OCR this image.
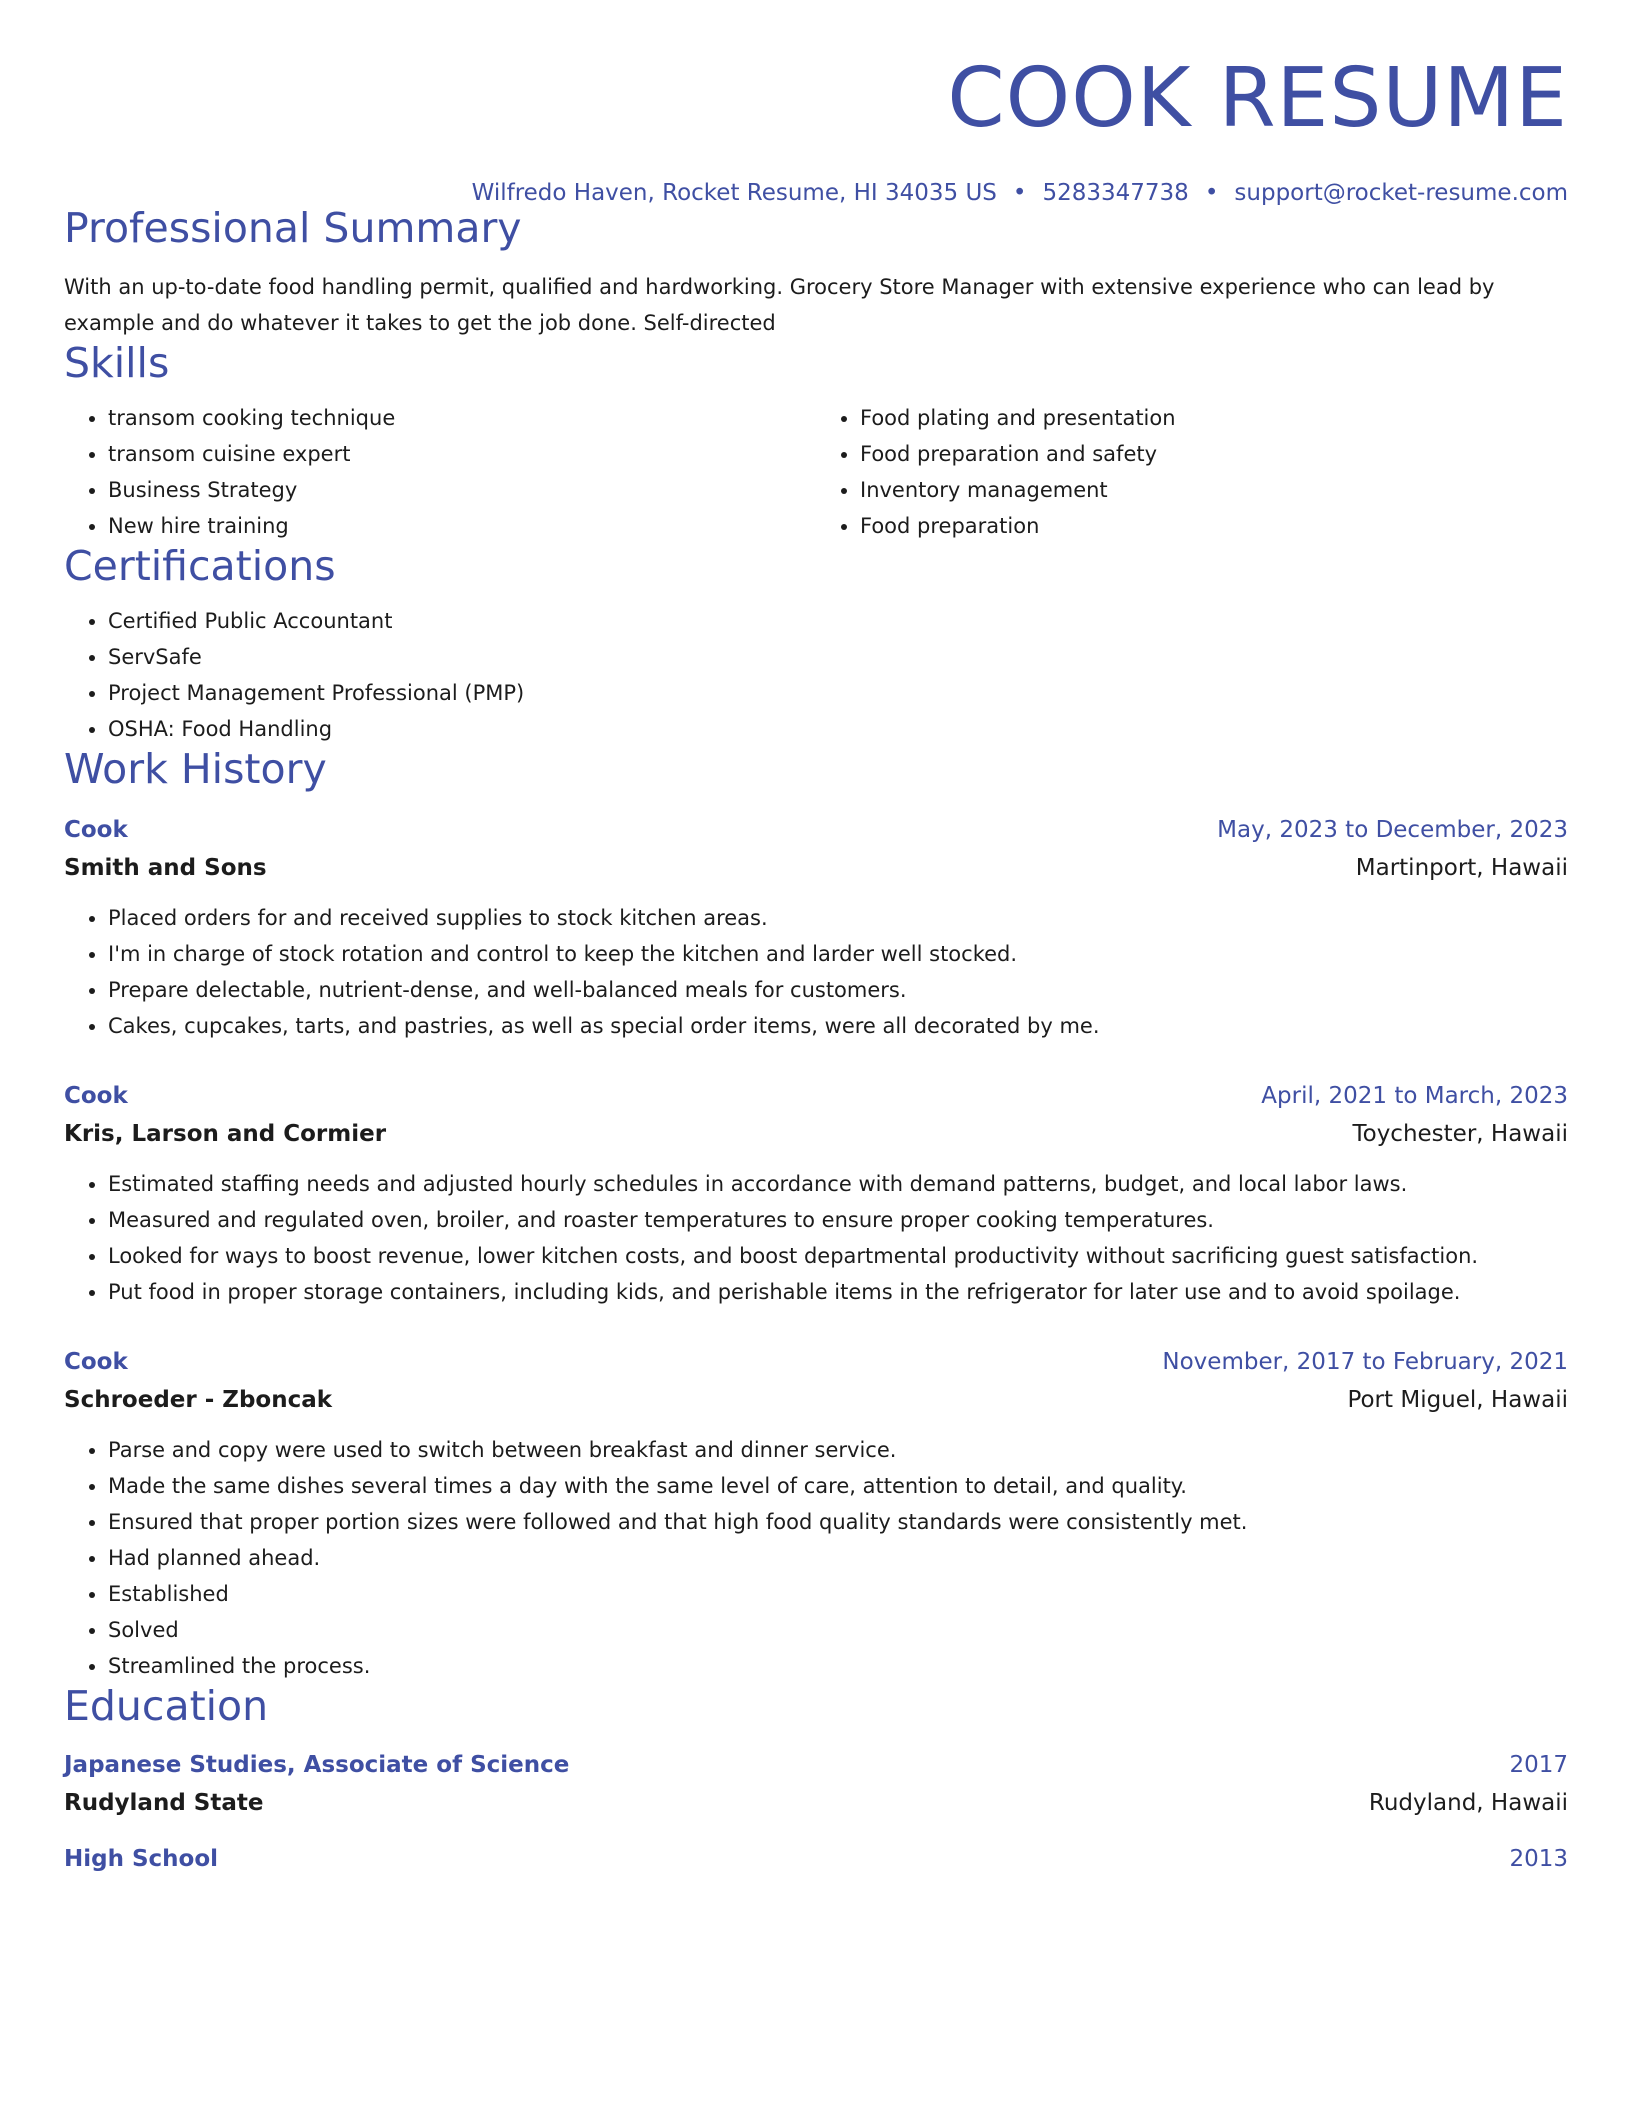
COOK RESUME
Wilfredo Haven, Rocket Resume, HI 34035 US • 5283347738 • support@rocket-resume.com
Professional Summary
With an up-to-date food handling permit, qualified and hardworking. Grocery Store Manager with extensive experience who can lead by example and do whatever it takes to get the job done. Self-directed
Skills
• transom cooking technique
• transom cuisine expert
• Business Strategy
• New hire training
• Food plating and presentation
• Food preparation and safety
• Inventory management
• Food preparation
Certifications
• Certified Public Accountant
• ServSafe
• Project Management Professional (PMP)
• OSHA: Food Handling
Work History
Cook	May, 2023 to December, 2023
Smith and Sons	Martinport, Hawaii
• Placed orders for and received supplies to stock kitchen areas.
• I'm in charge of stock rotation and control to keep the kitchen and larder well stocked.
• Prepare delectable, nutrient-dense, and well-balanced meals for customers.
• Cakes, cupcakes, tarts, and pastries, as well as special order items, were all decorated by me.
Cook	April, 2021 to March, 2023
Kris, Larson and Cormier	Toychester, Hawaii
• Estimated staffing needs and adjusted hourly schedules in accordance with demand patterns, budget, and local labor laws.
• Measured and regulated oven, broiler, and roaster temperatures to ensure proper cooking temperatures.
• Looked for ways to boost revenue, lower kitchen costs, and boost departmental productivity without sacrificing guest satisfaction.
• Put food in proper storage containers, including kids, and perishable items in the refrigerator for later use and to avoid spoilage.
Cook	November, 2017 to February, 2021
Schroeder - Zboncak	Port Miguel, Hawaii
• Parse and copy were used to switch between breakfast and dinner service.
• Made the same dishes several times a day with the same level of care, attention to detail, and quality.
• Ensured that proper portion sizes were followed and that high food quality standards were consistently met.
• Had planned ahead.
• Established
• Solved
• Streamlined the process.
Education
Japanese Studies, Associate of Science	2017
Rudyland State	Rudyland, Hawaii
High School	2013
